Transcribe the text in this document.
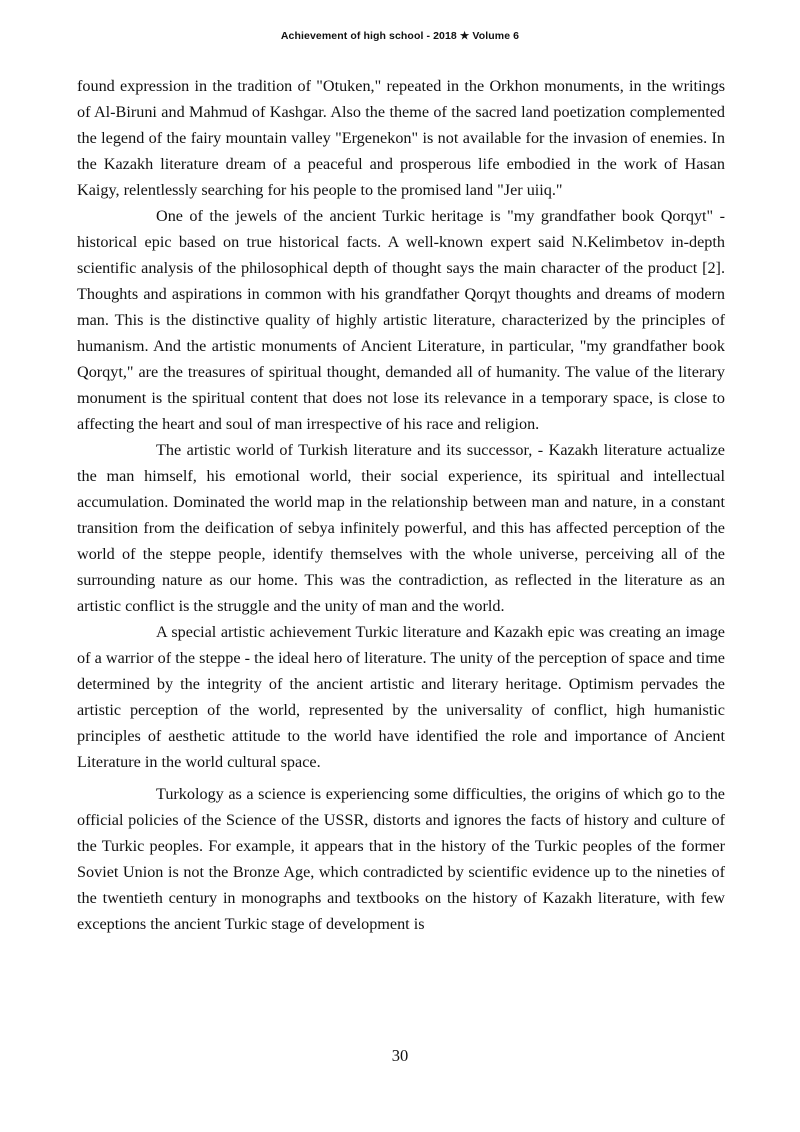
Achievement of high school - 2018 ★ Volume 6

found expression in the tradition of "Otuken," repeated in the Orkhon monuments, in the writings of Al-Biruni and Mahmud of Kashgar. Also the theme of the sacred land poetization complemented the legend of the fairy mountain valley "Ergenekon" is not available for the invasion of enemies. In the Kazakh literature dream of a peaceful and prosperous life embodied in the work of Hasan Kaigy, relentlessly searching for his people to the promised land "Jer uiiq."

One of the jewels of the ancient Turkic heritage is "my grandfather book Qorqyt" - historical epic based on true historical facts. A well-known expert said N.Kelimbetov in-depth scientific analysis of the philosophical depth of thought says the main character of the product [2]. Thoughts and aspirations in common with his grandfather Qorqyt thoughts and dreams of modern man. This is the distinctive quality of highly artistic literature, characterized by the principles of humanism. And the artistic monuments of Ancient Literature, in particular, "my grandfather book Qorqyt," are the treasures of spiritual thought, demanded all of humanity. The value of the literary monument is the spiritual content that does not lose its relevance in a temporary space, is close to affecting the heart and soul of man irrespective of his race and religion.

The artistic world of Turkish literature and its successor, - Kazakh literature actualize the man himself, his emotional world, their social experience, its spiritual and intellectual accumulation. Dominated the world map in the relationship between man and nature, in a constant transition from the deification of sebya infinitely powerful, and this has affected perception of the world of the steppe people, identify themselves with the whole universe, perceiving all of the surrounding nature as our home. This was the contradiction, as reflected in the literature as an artistic conflict is the struggle and the unity of man and the world.

A special artistic achievement Turkic literature and Kazakh epic was creating an image of a warrior of the steppe - the ideal hero of literature. The unity of the perception of space and time determined by the integrity of the ancient artistic and literary heritage. Optimism pervades the artistic perception of the world, represented by the universality of conflict, high humanistic principles of aesthetic attitude to the world have identified the role and importance of Ancient Literature in the world cultural space.

Turkology as a science is experiencing some difficulties, the origins of which go to the official policies of the Science of the USSR, distorts and ignores the facts of history and culture of the Turkic peoples. For example, it appears that in the history of the Turkic peoples of the former Soviet Union is not the Bronze Age, which contradicted by scientific evidence up to the nineties of the twentieth century in monographs and textbooks on the history of Kazakh literature, with few exceptions the ancient Turkic stage of development is

30
